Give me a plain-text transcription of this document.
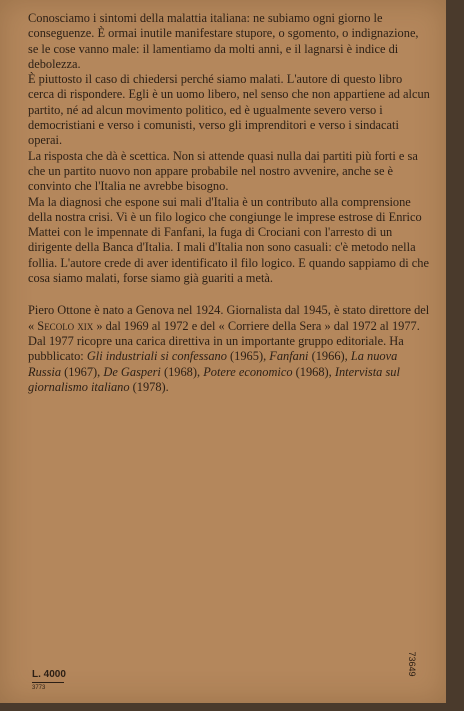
Conosciamo i sintomi della malattia italiana: ne subiamo ogni giorno le conseguenze. È ormai inutile manifestare stupore, o sgomento, o indignazione, se le cose vanno male: il lamentiamo da molti anni, e il lagnarsi è indice di debolezza.

È piuttosto il caso di chiedersi perché siamo malati. L'autore di questo libro cerca di rispondere. Egli è un uomo libero, nel senso che non appartiene ad alcun partito, né ad alcun movimento politico, ed è ugualmente severo verso i democristiani e verso i comunisti, verso gli imprenditori e verso i sindacati operai.

La risposta che dà è scettica. Non si attende quasi nulla dai partiti più forti e sa che un partito nuovo non appare probabile nel nostro avvenire, anche se è convinto che l'Italia ne avrebbe bisogno.

Ma la diagnosi che espone sui mali d'Italia è un contributo alla comprensione della nostra crisi. Vi è un filo logico che congiunge le imprese estrose di Enrico Mattei con le impennate di Fanfani, la fuga di Crociani con l'arresto di un dirigente della Banca d'Italia. I mali d'Italia non sono casuali: c'è metodo nella follia. L'autore crede di aver identificato il filo logico. E quando sappiamo di che cosa siamo malati, forse siamo già guariti a metà.

Piero Ottone è nato a Genova nel 1924. Giornalista dal 1945, è stato direttore del « Secolo xix » dal 1969 al 1972 e del « Corriere della Sera » dal 1972 al 1977. Dal 1977 ricopre una carica direttiva in un importante gruppo editoriale. Ha pubblicato: Gli industriali si confessano (1965), Fanfani (1966), La nuova Russia (1967), De Gasperi (1968), Potere economico (1968), Intervista sul giornalismo italiano (1978).

L. 4000
3773
73649
